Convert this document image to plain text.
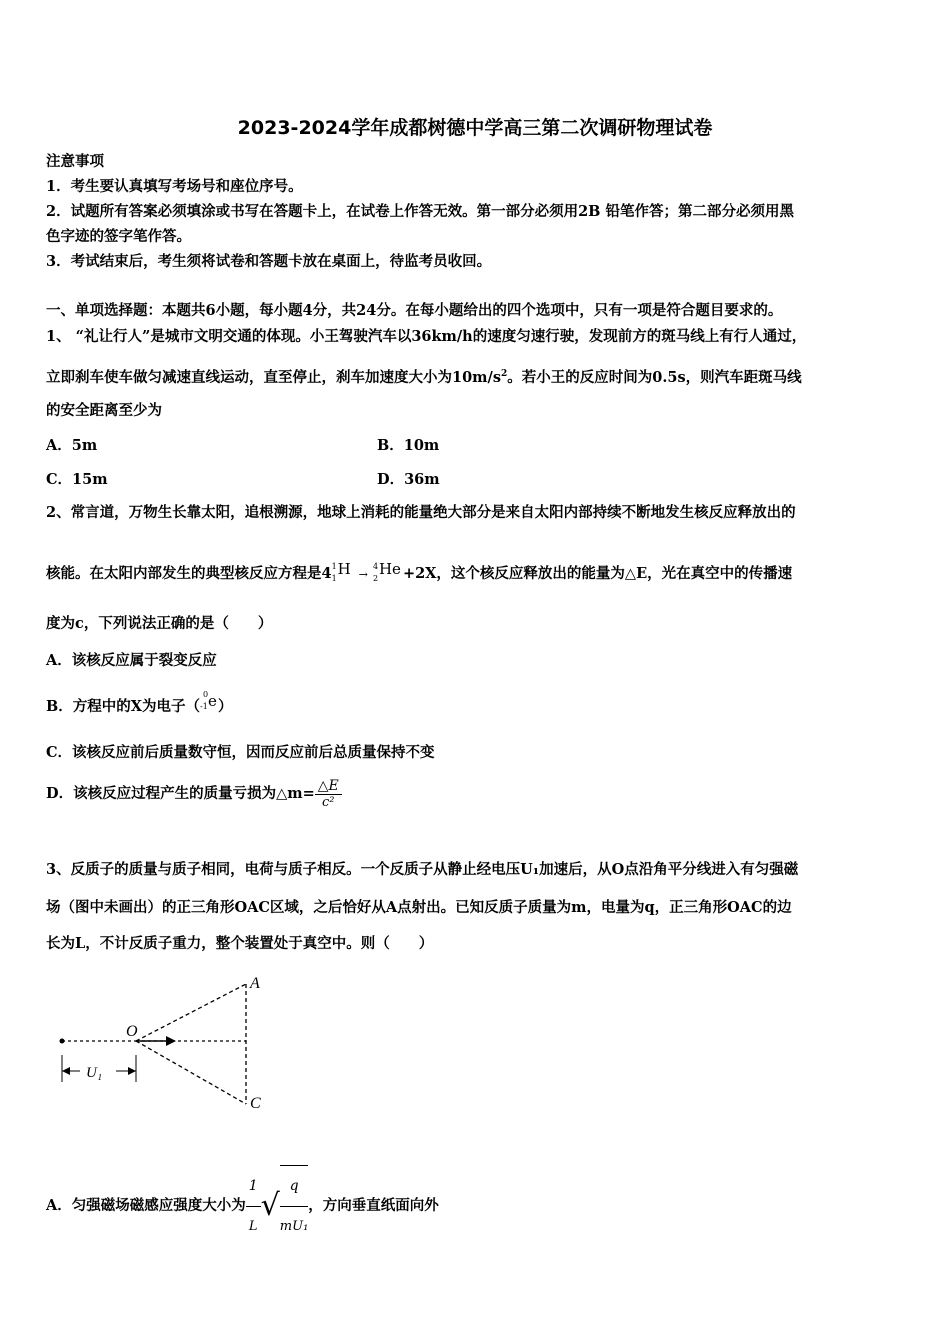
2023-2024学年成都树德中学高三第二次调研物理试卷
注意事项
1．考生要认真填写考场号和座位序号。
2．试题所有答案必须填涂或书写在答题卡上，在试卷上作答无效。第一部分必须用2B 铅笔作答；第二部分必须用黑
色字迹的签字笔作答。
3．考试结束后，考生须将试卷和答题卡放在桌面上，待监考员收回。
一、单项选择题：本题共6小题，每小题4分，共24分。在每小题给出的四个选项中，只有一项是符合题目要求的。
1、 “礼让行人”是城市文明交通的体现。小王驾驶汽车以36km/h的速度匀速行驶，发现前方的斑马线上有行人通过，
立即刹车使车做匀减速直线运动，直至停止，刹车加速度大小为$10m/s^2$。若小王的反应时间为0.5s，则汽车距斑马线
的安全距离至少为
A．5m	B．10m
C．15m	D．36m
2、常言道，万物生长靠太阳，追根溯源，地球上消耗的能量绝大部分是来自太阳内部持续不断地发生核反应释放出的
核能。在太阳内部发生的典型核反应方程是4 1
1
H →
4
2
He +2X，这个核反应释放出的能量为△E，光在真空中的传播速
度为c，下列说法正确的是（　　）
A．该核反应属于裂变反应
B．方程中的X为电子（
0
-1 e ）
C．该核反应前后质量数守恒，因而反应前后总质量保持不变
D．该核反应过程产生的质量亏损为△m= $\frac{\triangle E}{\text{c²}}$
3、反质子的质量与质子相同，电荷与质子相反。一个反质子从静止经电压U₁加速后，从O点沿角平分线进入有匀强磁
场（图中未画出）的正三角形OAC区域，之后恰好从A点射出。已知反质子质量为m，电量为q，正三角形OAC的边
长为L，不计反质子重力，整个装置处于真空中。则（　　）
A
O
C
U₁
A．匀强磁场磁感应强度大小为 $\frac{1}{L}$ √ $\frac{q}{\text{mU₁}}$ ，方向垂直纸面向外
